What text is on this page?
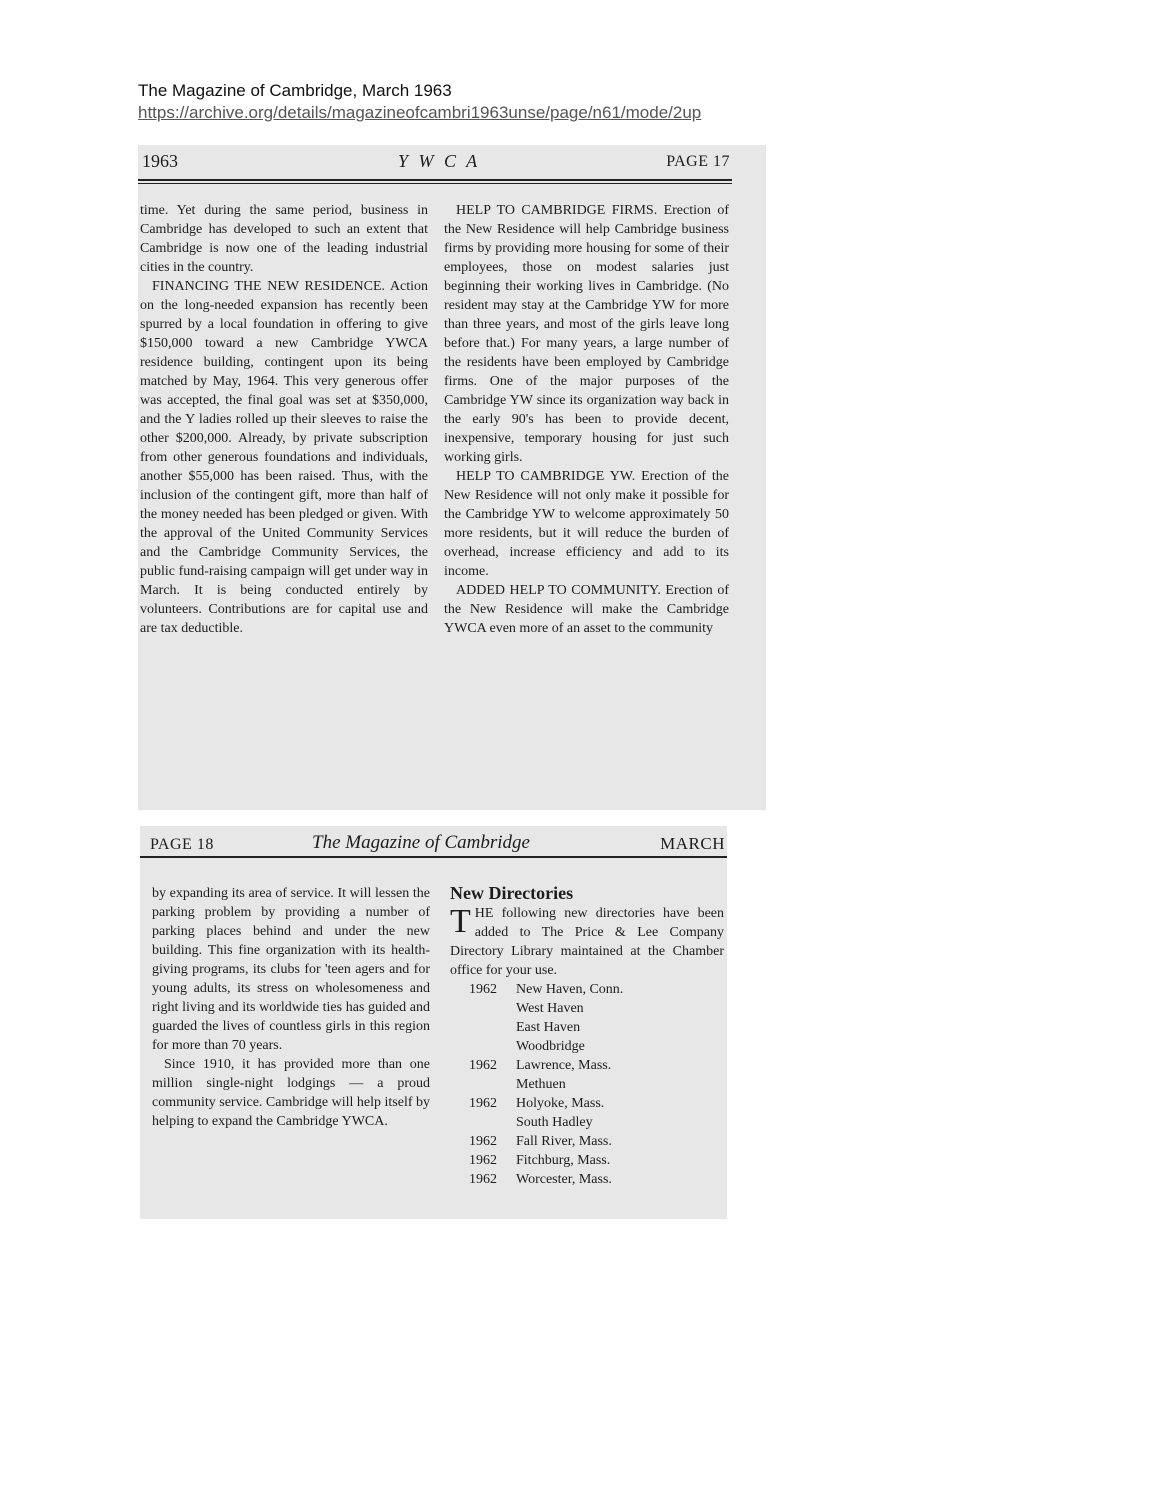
The Magazine of Cambridge, March 1963
https://archive.org/details/magazineofcambri1963unse/page/n61/mode/2up
1963	Y W C A	PAGE 17

time. Yet during the same period, business in Cambridge has developed to such an extent that Cambridge is now one of the leading industrial cities in the country.

FINANCING THE NEW RESIDENCE. Action on the long-needed expansion has recently been spurred by a local foundation in offering to give $150,000 toward a new Cambridge YWCA residence building, contingent upon its being matched by May, 1964. This very generous offer was accepted, the final goal was set at $350,000, and the Y ladies rolled up their sleeves to raise the other $200,000. Already, by private subscription from other generous foundations and individuals, another $55,000 has been raised. Thus, with the inclusion of the contingent gift, more than half of the money needed has been pledged or given. With the approval of the United Community Services and the Cambridge Community Services, the public fund-raising campaign will get under way in March. It is being conducted entirely by volunteers. Contributions are for capital use and are tax deductible.

HELP TO CAMBRIDGE FIRMS. Erection of the New Residence will help Cambridge business firms by providing more housing for some of their employees, those on modest salaries just beginning their working lives in Cambridge. (No resident may stay at the Cambridge YW for more than three years, and most of the girls leave long before that.) For many years, a large number of the residents have been employed by Cambridge firms. One of the major purposes of the Cambridge YW since its organization way back in the early 90's has been to provide decent, inexpensive, temporary housing for just such working girls.

HELP TO CAMBRIDGE YW. Erection of the New Residence will not only make it possible for the Cambridge YW to welcome approximately 50 more residents, but it will reduce the burden of overhead, increase efficiency and add to its income.

ADDED HELP TO COMMUNITY. Erection of the New Residence will make the Cambridge YWCA even more of an asset to the community

PAGE 18	The Magazine of Cambridge	MARCH

by expanding its area of service. It will lessen the parking problem by providing a number of parking places behind and under the new building. This fine organization with its health-giving programs, its clubs for 'teen agers and for young adults, its stress on wholesomeness and right living and its worldwide ties has guided and guarded the lives of countless girls in this region for more than 70 years.

Since 1910, it has provided more than one million single-night lodgings — a proud community service. Cambridge will help itself by helping to expand the Cambridge YWCA.

New Directories

THE following new directories have been added to The Price & Lee Company Directory Library maintained at the Chamber office for your use.

1962	New Haven, Conn.
	West Haven
	East Haven
	Woodbridge
1962	Lawrence, Mass.
	Methuen
1962	Holyoke, Mass.
	South Hadley
1962	Fall River, Mass.
1962	Fitchburg, Mass.
1962	Worcester, Mass.
